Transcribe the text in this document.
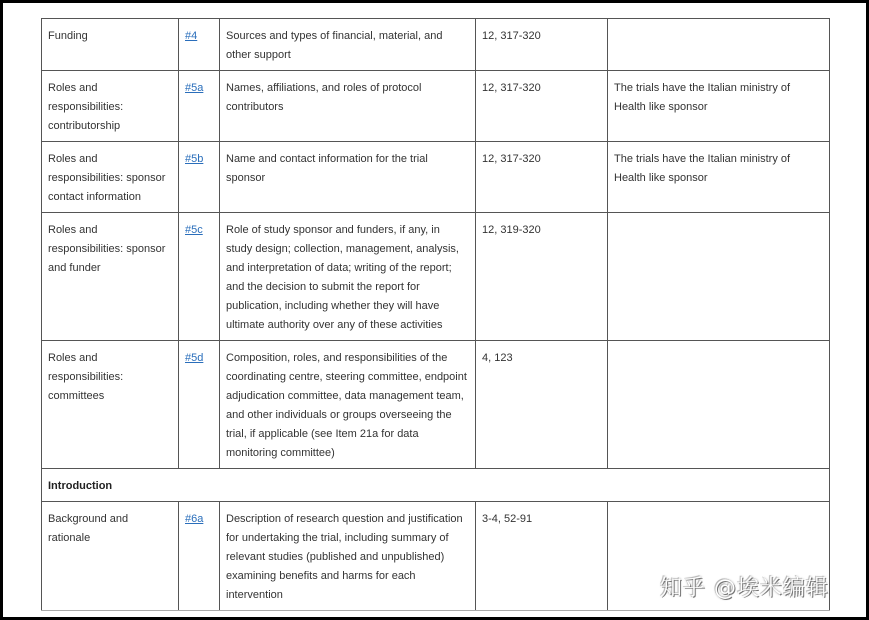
Funding	#4	Sources and types of financial, material, and other support	12, 317-320	
Roles and responsibilities: contributorship	#5a	Names, affiliations, and roles of protocol contributors	12, 317-320	The trials have the Italian ministry of Health like sponsor
Roles and responsibilities: sponsor contact information	#5b	Name and contact information for the trial sponsor	12, 317-320	The trials have the Italian ministry of Health like sponsor
Roles and responsibilities: sponsor and funder	#5c	Role of study sponsor and funders, if any, in study design; collection, management, analysis, and interpretation of data; writing of the report; and the decision to submit the report for publication, including whether they will have ultimate authority over any of these activities	12, 319-320	
Roles and responsibilities: committees	#5d	Composition, roles, and responsibilities of the coordinating centre, steering committee, endpoint adjudication committee, data management team, and other individuals or groups overseeing the trial, if applicable (see Item 21a for data monitoring committee)	4, 123	
Introduction				
Background and rationale	#6a	Description of research question and justification for undertaking the trial, including summary of relevant studies (published and unpublished) examining benefits and harms for each intervention	3-4, 52-91	
知乎 @埃米编辑
